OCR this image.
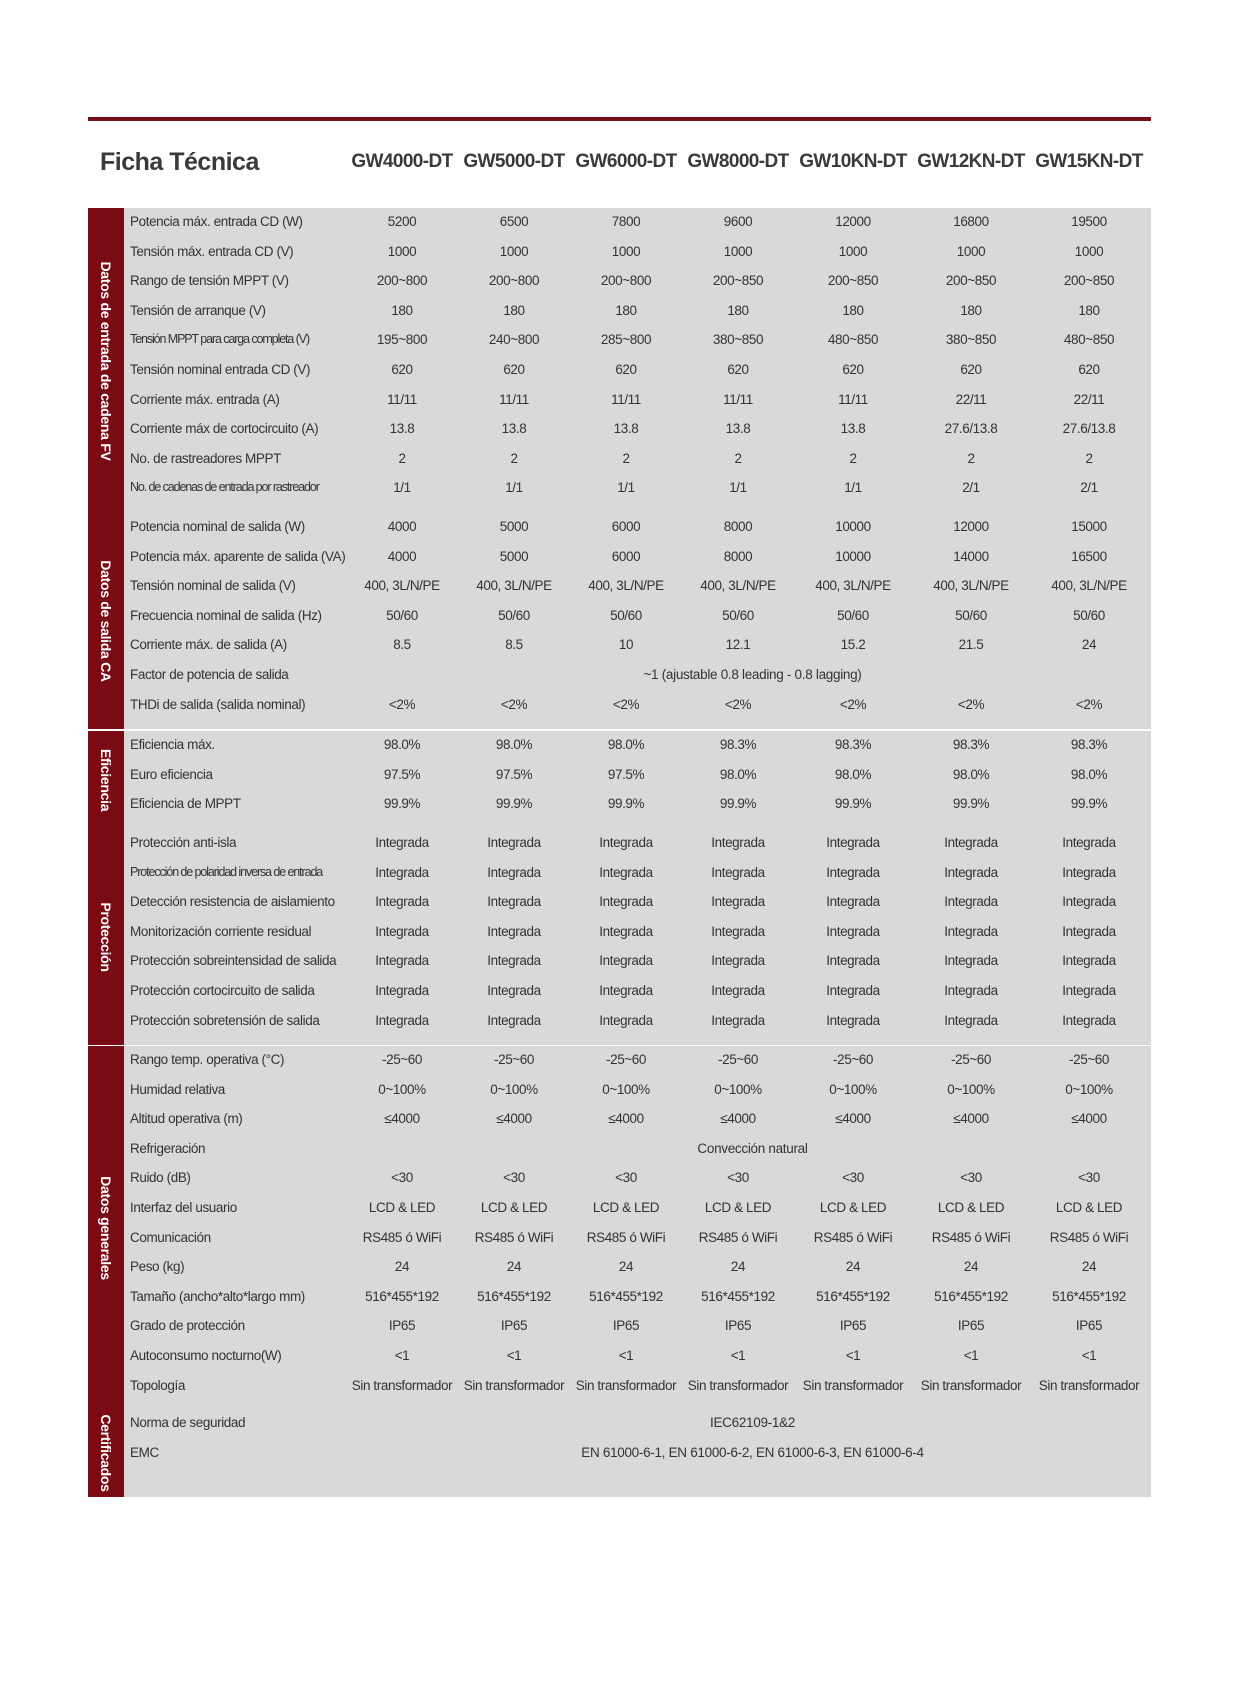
Ficha Técnica	GW4000-DT GW5000-DT GW6000-DT GW8000-DT GW10KN-DT GW12KN-DT GW15KN-DT
Datos de entrada de cadena FV
Potencia máx. entrada CD (W)	5200	6500	7800	9600	12000	16800	19500
Tensión máx. entrada CD (V)	1000	1000	1000	1000	1000	1000	1000
Rango de tensión MPPT (V)	200~800	200~800	200~800	200~850	200~850	200~850	200~850
Tensión de arranque (V)	180	180	180	180	180	180	180
Tensión MPPT para carga completa (V)	195~800	240~800	285~800	380~850	480~850	380~850	480~850
Tensión nominal entrada CD (V)	620	620	620	620	620	620	620
Corriente máx. entrada (A)	11/11	11/11	11/11	11/11	11/11	22/11	22/11
Corriente máx de cortocircuito (A)	13.8	13.8	13.8	13.8	13.8	27.6/13.8	27.6/13.8
No. de rastreadores MPPT	2	2	2	2	2	2	2
No. de cadenas de entrada por rastreador	1/1	1/1	1/1	1/1	1/1	2/1	2/1
Datos de salida CA
Potencia nominal de salida (W)	4000	5000	6000	8000	10000	12000	15000
Potencia máx. aparente de salida (VA)	4000	5000	6000	8000	10000	14000	16500
Tensión nominal de salida (V)	400, 3L/N/PE	400, 3L/N/PE	400, 3L/N/PE	400, 3L/N/PE	400, 3L/N/PE	400, 3L/N/PE	400, 3L/N/PE
Frecuencia nominal de salida (Hz)	50/60	50/60	50/60	50/60	50/60	50/60	50/60
Corriente máx. de salida (A)	8.5	8.5	10	12.1	15.2	21.5	24
Factor de potencia de salida	~1 (ajustable 0.8 leading - 0.8 lagging)
THDi de salida (salida nominal)	<2%	<2%	<2%	<2%	<2%	<2%	<2%
Eficiencia
Eficiencia máx.	98.0%	98.0%	98.0%	98.3%	98.3%	98.3%	98.3%
Euro eficiencia	97.5%	97.5%	97.5%	98.0%	98.0%	98.0%	98.0%
Eficiencia de MPPT	99.9%	99.9%	99.9%	99.9%	99.9%	99.9%	99.9%
Protección
Protección anti-isla	Integrada	Integrada	Integrada	Integrada	Integrada	Integrada	Integrada
Protección de polaridad inversa de entrada	Integrada	Integrada	Integrada	Integrada	Integrada	Integrada	Integrada
Detección resistencia de aislamiento	Integrada	Integrada	Integrada	Integrada	Integrada	Integrada	Integrada
Monitorización corriente residual	Integrada	Integrada	Integrada	Integrada	Integrada	Integrada	Integrada
Protección sobreintensidad de salida	Integrada	Integrada	Integrada	Integrada	Integrada	Integrada	Integrada
Protección cortocircuito de salida	Integrada	Integrada	Integrada	Integrada	Integrada	Integrada	Integrada
Protección sobretensión de salida	Integrada	Integrada	Integrada	Integrada	Integrada	Integrada	Integrada
Datos generales
Rango temp. operativa (°C)	-25~60	-25~60	-25~60	-25~60	-25~60	-25~60	-25~60
Humidad relativa	0~100%	0~100%	0~100%	0~100%	0~100%	0~100%	0~100%
Altitud operativa (m)	≤4000	≤4000	≤4000	≤4000	≤4000	≤4000	≤4000
Refrigeración	Convección natural
Ruido (dB)	<30	<30	<30	<30	<30	<30	<30
Interfaz del usuario	LCD & LED	LCD & LED	LCD & LED	LCD & LED	LCD & LED	LCD & LED	LCD & LED
Comunicación	RS485 ó WiFi	RS485 ó WiFi	RS485 ó WiFi	RS485 ó WiFi	RS485 ó WiFi	RS485 ó WiFi	RS485 ó WiFi
Peso (kg)	24	24	24	24	24	24	24
Tamaño (ancho*alto*largo mm)	516*455*192	516*455*192	516*455*192	516*455*192	516*455*192	516*455*192	516*455*192
Grado de protección	IP65	IP65	IP65	IP65	IP65	IP65	IP65
Autoconsumo nocturno(W)	<1	<1	<1	<1	<1	<1	<1
Topología	Sin transformador Sin transformador Sin transformador Sin transformador	Sin transformador	Sin transformador	Sin transformador
Certificados Norma de seguridad	IEC62109-1&2
EMC	EN 61000-6-1, EN 61000-6-2, EN 61000-6-3, EN 61000-6-4
